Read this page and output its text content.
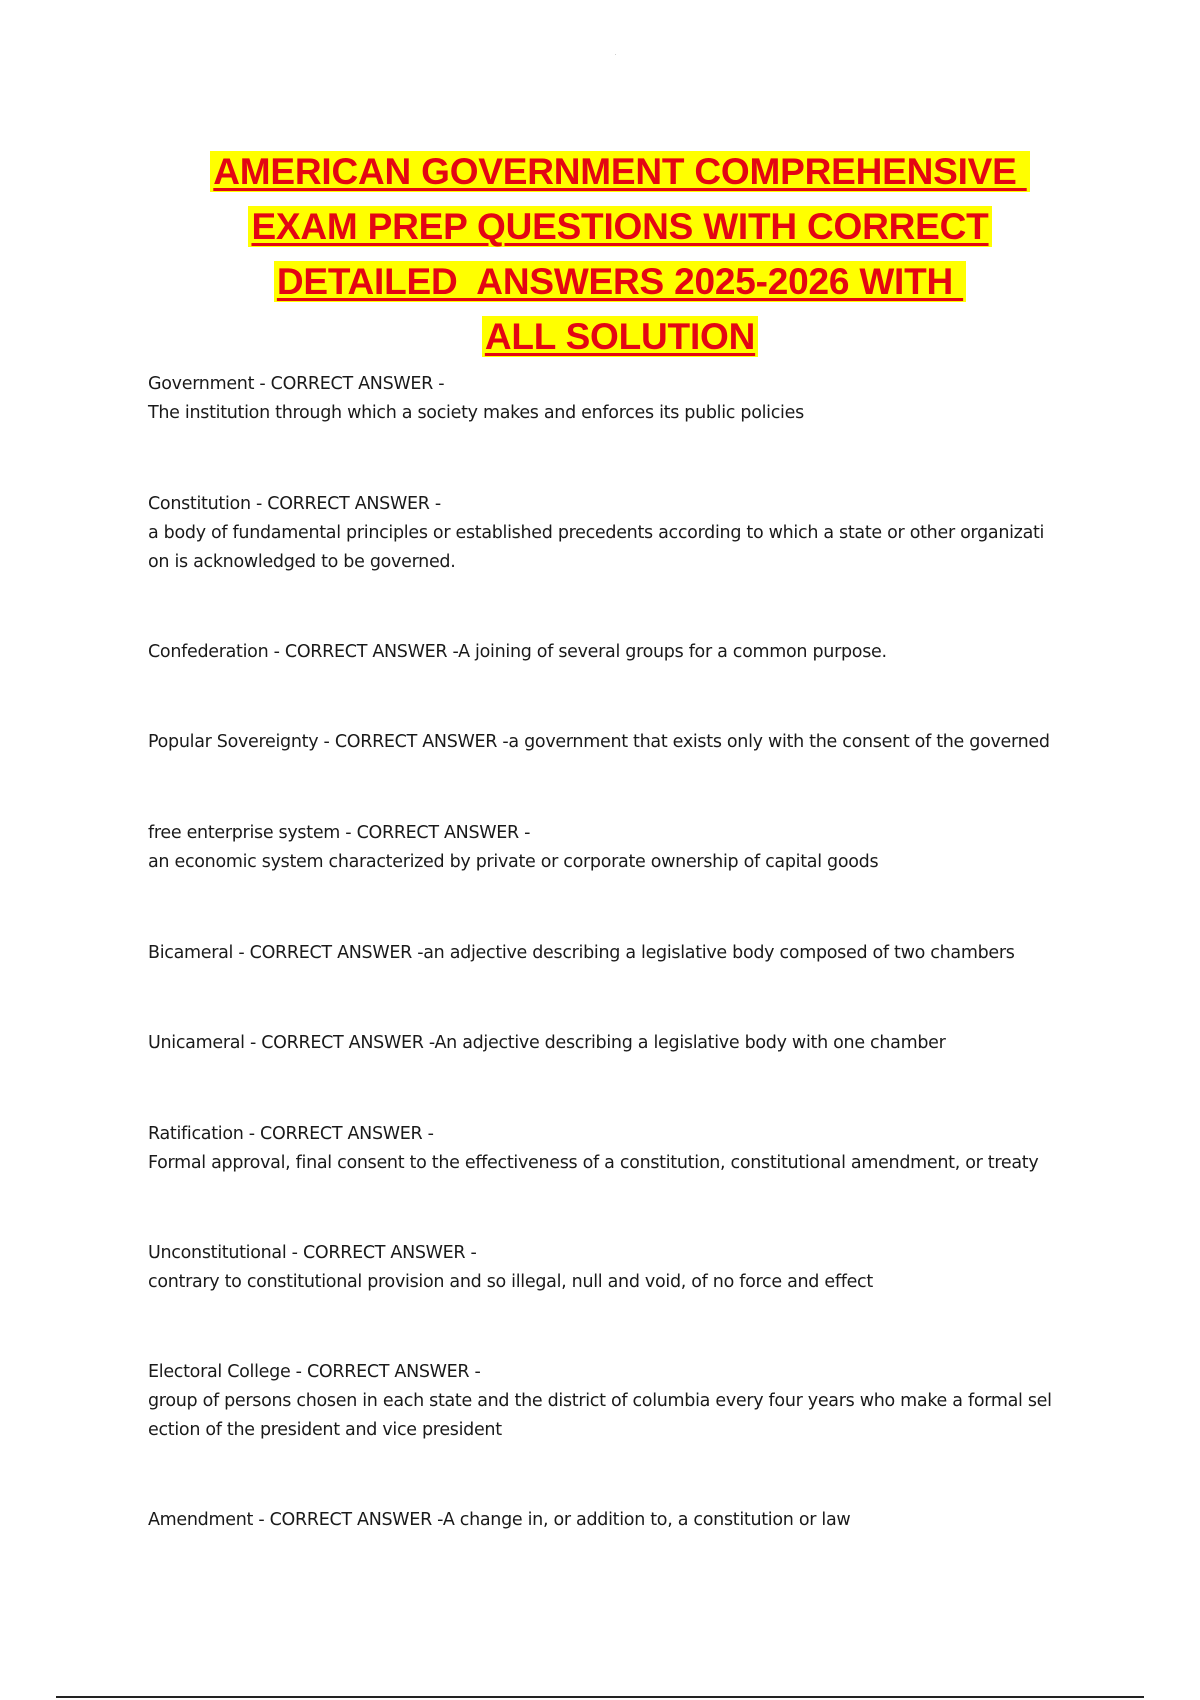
AMERICAN GOVERNMENT COMPREHENSIVE
EXAM PREP QUESTIONS WITH CORRECT
DETAILED  ANSWERS 2025-2026 WITH
ALL SOLUTION
Government - CORRECT ANSWER -
The institution through which a society makes and enforces its public policies
Constitution - CORRECT ANSWER -
a body of fundamental principles or established precedents according to which a state or other organizati
on is acknowledged to be governed.
Confederation - CORRECT ANSWER -A joining of several groups for a common purpose.
Popular Sovereignty - CORRECT ANSWER -a government that exists only with the consent of the governed
free enterprise system - CORRECT ANSWER -
an economic system characterized by private or corporate ownership of capital goods
Bicameral - CORRECT ANSWER -an adjective describing a legislative body composed of two chambers
Unicameral - CORRECT ANSWER -An adjective describing a legislative body with one chamber
Ratification - CORRECT ANSWER -
Formal approval, final consent to the effectiveness of a constitution, constitutional amendment, or treaty
Unconstitutional - CORRECT ANSWER -
contrary to constitutional provision and so illegal, null and void, of no force and effect
Electoral College - CORRECT ANSWER -
group of persons chosen in each state and the district of columbia every four years who make a formal sel
ection of the president and vice president
Amendment - CORRECT ANSWER -A change in, or addition to, a constitution or law
